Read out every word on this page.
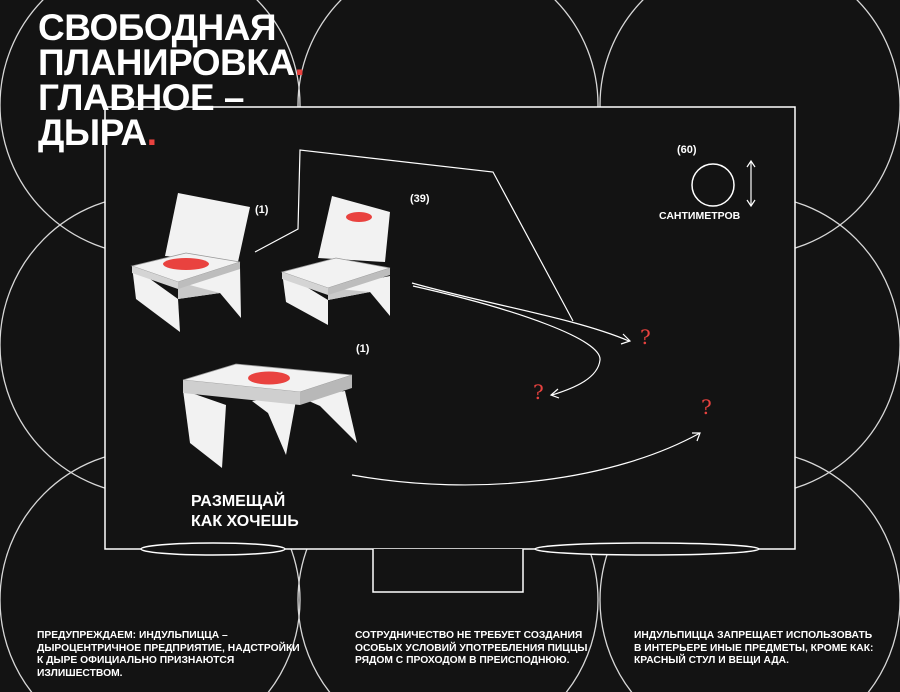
СВОБОДНАЯ
ПЛАНИРОВКА.
ГЛАВНОЕ –
ДЫРА.
(1)
(39)
(1)
(60)
САНТИМЕТРОВ
?
?
?
РАЗМЕЩАЙ
КАК ХОЧЕШЬ

ПРЕДУПРЕЖДАЕМ: ИНДУЛЬПИЦЦА – ДЫРОЦЕНТРИЧНОЕ ПРЕДПРИЯТИЕ, НАДСТРОЙКИ К ДЫРЕ ОФИЦИАЛЬНО ПРИЗНАЮТСЯ ИЗЛИШЕСТВОМ.

СОТРУДНИЧЕСТВО НЕ ТРЕБУЕТ СОЗДАНИЯ ОСОБЫХ УСЛОВИЙ УПОТРЕБЛЕНИЯ ПИЦЦЫ РЯДОМ С ПРОХОДОМ В ПРЕИСПОДНЮЮ.

ИНДУЛЬПИЦЦА ЗАПРЕЩАЕТ ИСПОЛЬЗОВАТЬ В ИНТЕРЬЕРЕ ИНЫЕ ПРЕДМЕТЫ, КРОМЕ КАК: КРАСНЫЙ СТУЛ И ВЕЩИ АДА.
